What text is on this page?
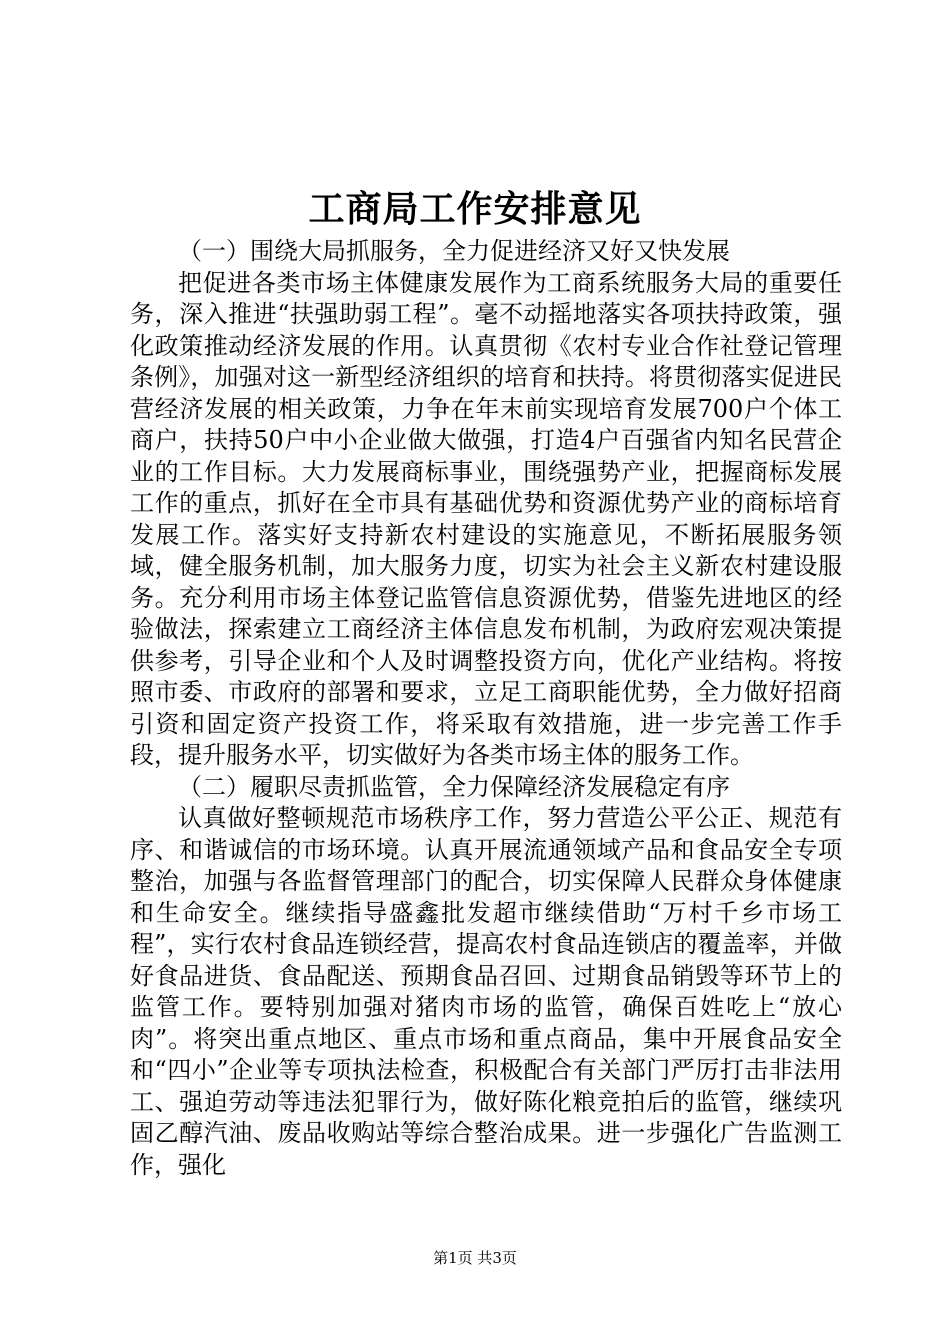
工商局工作安排意见

（一）围绕大局抓服务，全力促进经济又好又快发展

把促进各类市场主体健康发展作为工商系统服务大局的重要任务，深入推进“扶强助弱工程”。毫不动摇地落实各项扶持政策，强化政策推动经济发展的作用。认真贯彻《农村专业合作社登记管理条例》，加强对这一新型经济组织的培育和扶持。将贯彻落实促进民营经济发展的相关政策，力争在年末前实现培育发展700户个体工商户，扶持50户中小企业做大做强，打造4户百强省内知名民营企业的工作目标。大力发展商标事业，围绕强势产业，把握商标发展工作的重点，抓好在全市具有基础优势和资源优势产业的商标培育发展工作。落实好支持新农村建设的实施意见，不断拓展服务领域，健全服务机制，加大服务力度，切实为社会主义新农村建设服务。充分利用市场主体登记监管信息资源优势，借鉴先进地区的经验做法，探索建立工商经济主体信息发布机制，为政府宏观决策提供参考，引导企业和个人及时调整投资方向，优化产业结构。将按照市委、市政府的部署和要求，立足工商职能优势，全力做好招商引资和固定资产投资工作，将采取有效措施，进一步完善工作手段，提升服务水平，切实做好为各类市场主体的服务工作。

（二）履职尽责抓监管，全力保障经济发展稳定有序

认真做好整顿规范市场秩序工作，努力营造公平公正、规范有序、和谐诚信的市场环境。认真开展流通领域产品和食品安全专项整治，加强与各监督管理部门的配合，切实保障人民群众身体健康和生命安全。继续指导盛鑫批发超市继续借助“万村千乡市场工程”，实行农村食品连锁经营，提高农村食品连锁店的覆盖率，并做好食品进货、食品配送、预期食品召回、过期食品销毁等环节上的监管工作。要特别加强对猪肉市场的监管，确保百姓吃上“放心肉”。将突出重点地区、重点市场和重点商品，集中开展食品安全和“四小”企业等专项执法检查，积极配合有关部门严厉打击非法用工、强迫劳动等违法犯罪行为，做好陈化粮竞拍后的监管，继续巩固乙醇汽油、废品收购站等综合整治成果。进一步强化广告监测工作，强化

第1页 共3页
